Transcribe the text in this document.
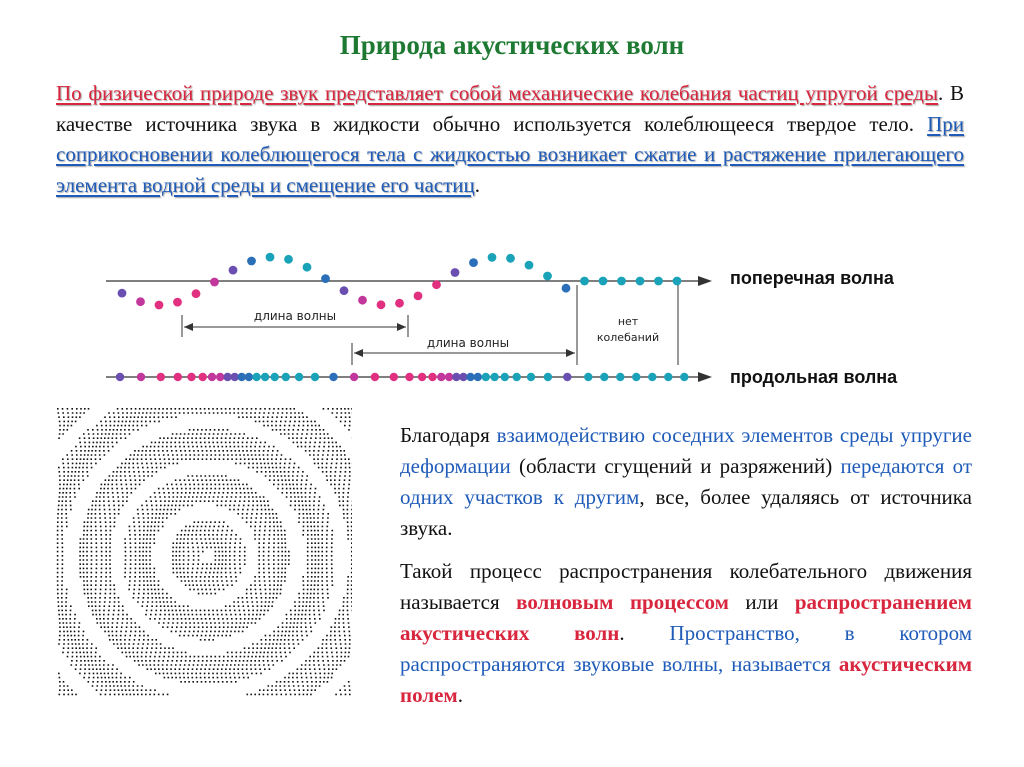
Природа акустических волн
По физической природе звук представляет собой механические колебания частиц упругой среды. В качестве источника звука в жидкости обычно используется колеблющееся твердое тело. При соприкосновении колеблющегося тела с жидкостью возникает сжатие и растяжение прилегающего элемента водной среды и смещение его частиц.
длина волны
длина волны
нет
колебаний
поперечная волна
продольная волна

Благодаря взаимодействию соседних элементов среды упругие деформации (области сгущений и разряжений) передаются от одних участков к другим, все, более удаляясь от источника звука.

Такой процесс распространения колебательного движения называется волновым процессом или распространением акустических волн. Пространство, в котором распространяются звуковые волны, называется акустическим полем.
